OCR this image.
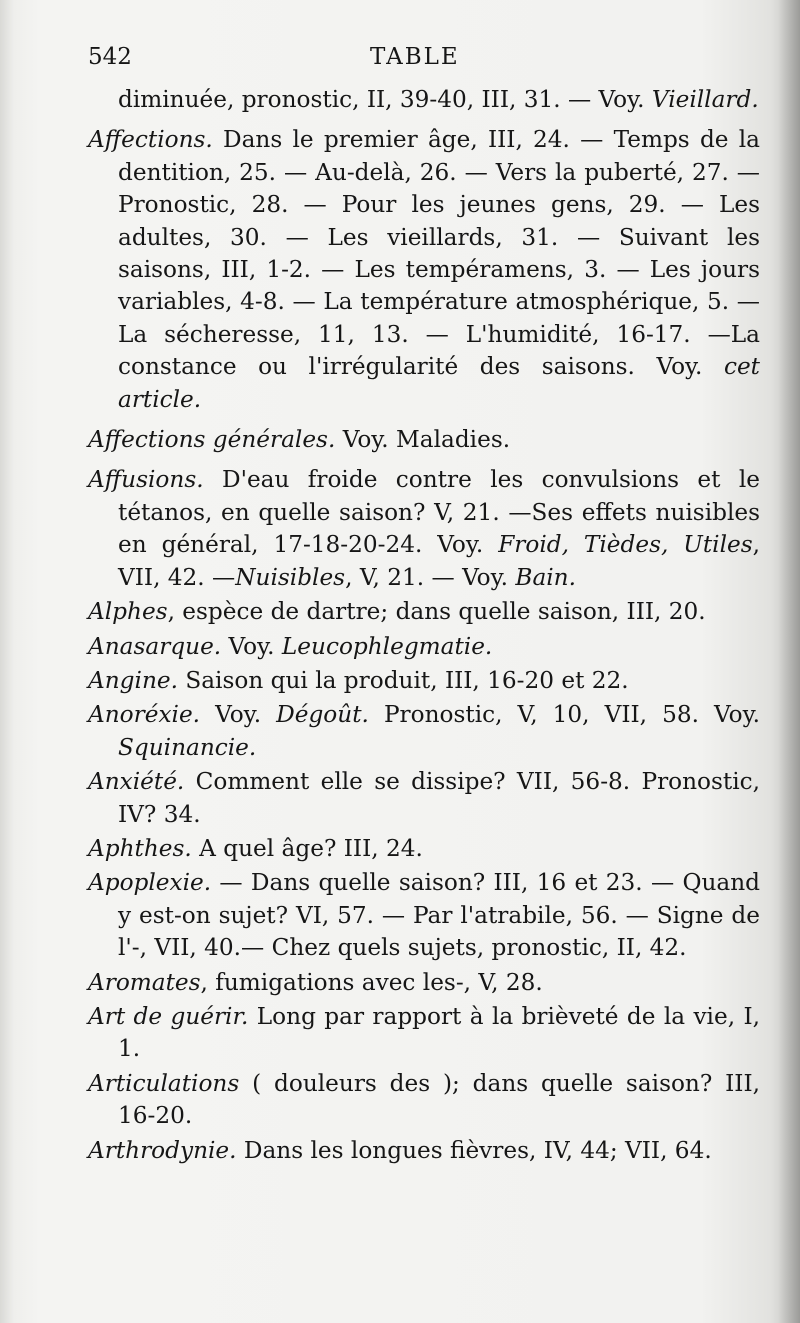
542	TABLE

diminuée, pronostic, II, 39-40, III, 31. — Voy. Vieillard.

Affections. Dans le premier âge, III, 24. — Temps de la dentition, 25. — Au-delà, 26. — Vers la puberté, 27. — Pronostic, 28. — Pour les jeunes gens, 29. — Les adultes, 30. — Les vieillards, 31. — Suivant les saisons, III, 1-2. — Les tempéramens, 3. — Les jours variables, 4-8. — La température atmosphérique, 5. — La sécheresse, 11, 13. — L'humidité, 16-17. —La constance ou l'irrégularité des saisons. Voy. cet article.

Affections générales. Voy. Maladies.

Affusions. D'eau froide contre les convulsions et le tétanos, en quelle saison? V, 21. —Ses effets nuisibles en général, 17-18-20-24. Voy. Froid, Tièdes, Utiles, VII, 42. —Nuisibles, V, 21. — Voy. Bain.

Alphes, espèce de dartre; dans quelle saison, III, 20.

Anasarque. Voy. Leucophlegmatie.

Angine. Saison qui la produit, III, 16-20 et 22.

Anoréxie. Voy. Dégoût. Pronostic, V, 10, VII, 58. Voy. Squinancie.

Anxiété. Comment elle se dissipe? VII, 56-8. Pronostic, IV? 34.

Aphthes. A quel âge? III, 24.

Apoplexie. — Dans quelle saison? III, 16 et 23. — Quand y est-on sujet? VI, 57. — Par l'atrabile, 56. — Signe de l'-, VII, 40.— Chez quels sujets, pronostic, II, 42.

Aromates, fumigations avec les-, V, 28.

Art de guérir. Long par rapport à la brièveté de la vie, I, 1.

Articulations ( douleurs des ); dans quelle saison? III, 16-20.

Arthrodynie. Dans les longues fièvres, IV, 44; VII, 64.
